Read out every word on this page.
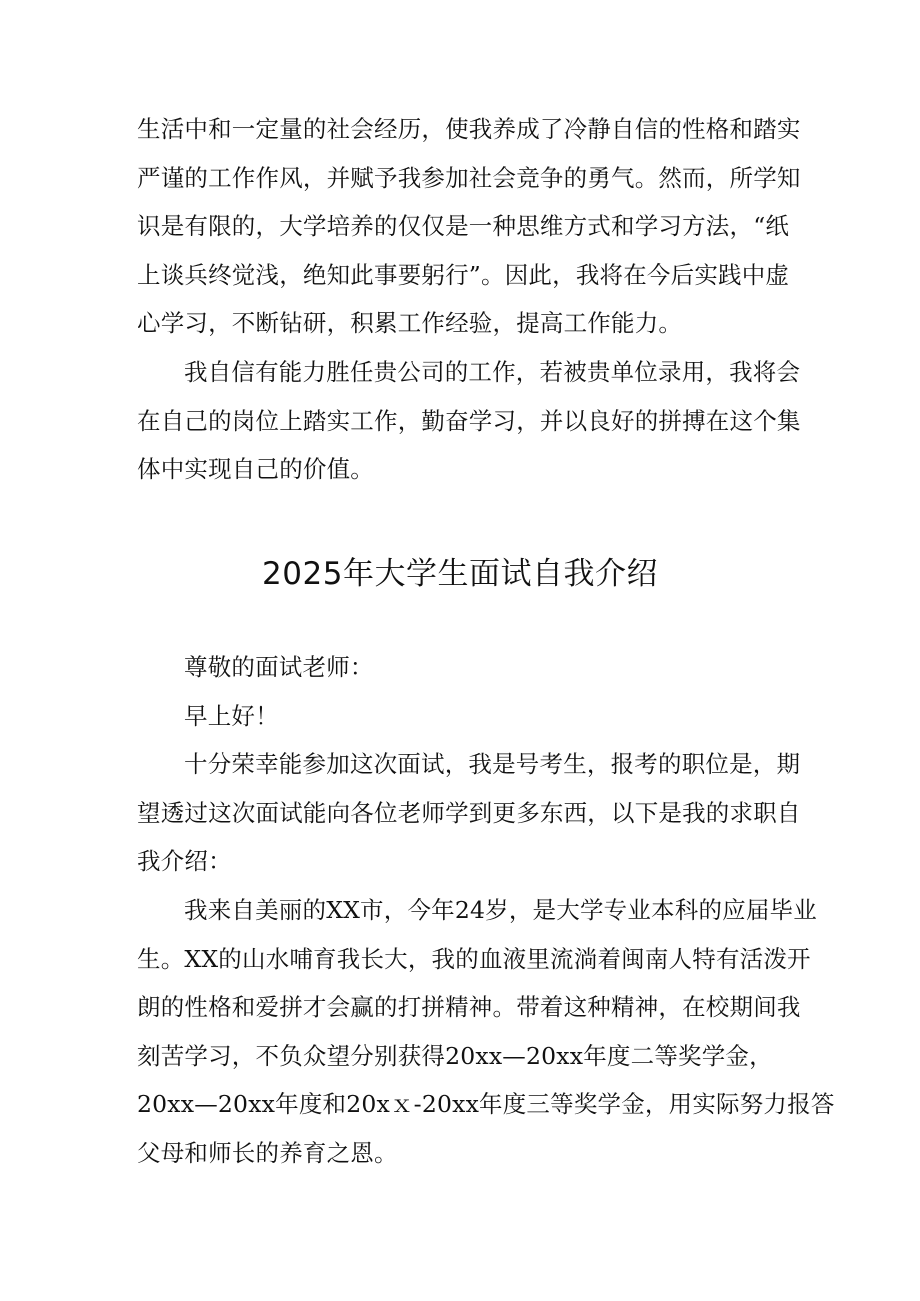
生活中和一定量的社会经历，使我养成了冷静自信的性格和踏实
严谨的工作作风，并赋予我参加社会竞争的勇气。然而，所学知
识是有限的，大学培养的仅仅是一种思维方式和学习方法，“纸
上谈兵终觉浅，绝知此事要躬行”。因此，我将在今后实践中虚
心学习，不断钻研，积累工作经验，提高工作能力。
我自信有能力胜任贵公司的工作，若被贵单位录用，我将会
在自己的岗位上踏实工作，勤奋学习，并以良好的拼搏在这个集
体中实现自己的价值。
2025年大学生面试自我介绍
尊敬的面试老师：
早上好！
十分荣幸能参加这次面试，我是号考生，报考的职位是，期
望透过这次面试能向各位老师学到更多东西，以下是我的求职自
我介绍：
我来自美丽的XX市，今年24岁，是大学专业本科的应届毕业
生。XX的山水哺育我长大，我的血液里流淌着闽南人特有活泼开
朗的性格和爱拼才会赢的打拼精神。带着这种精神，在校期间我
刻苦学习，不负众望分别获得20xx—20xx年度二等奖学金，
20xx—20xx年度和20xｘ-20xx年度三等奖学金，用实际努力报答
父母和师长的养育之恩。
